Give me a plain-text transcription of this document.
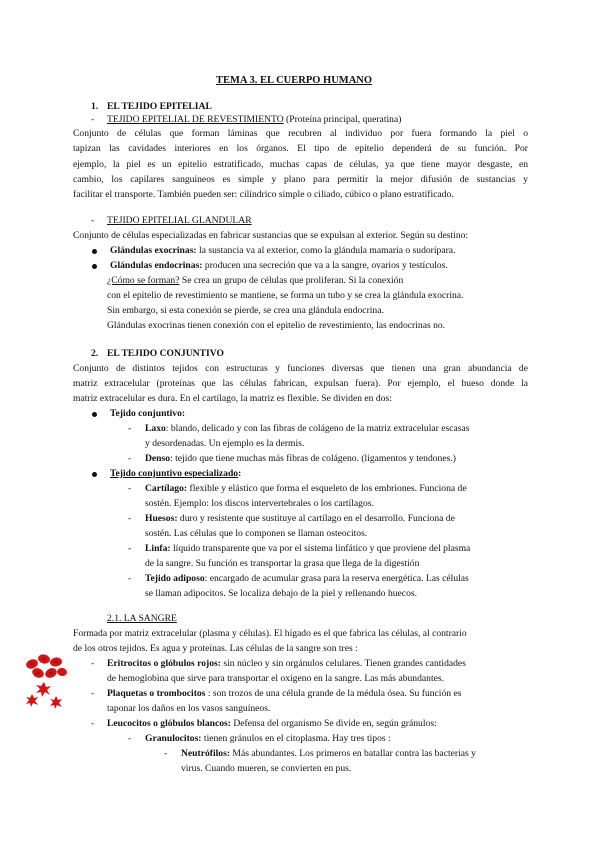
TEMA 3. EL CUERPO HUMANO
1. EL TEJIDO EPITELIAL
- TEJIDO EPITELIAL DE REVESTIMIENTO (Proteína principal, queratina)
Conjunto de células que forman láminas que recubren al individuo por fuera formando la piel o
tapizan las cavidades interiores en los órganos. El tipo de epitelio dependerá de su función. Por
ejemplo, la piel es un epitelio estratificado, muchas capas de células, ya que tiene mayor desgaste, en
cambio, los capilares sanguíneos es simple y plano para permitir la mejor difusión de sustancias y
facilitar el transporte. También pueden ser: cilíndrico simple o ciliado, cúbico o plano estratificado.
- TEJIDO EPITELIAL GLANDULAR
Conjunto de células especializadas en fabricar sustancias que se expulsan al exterior. Según su destino:
Glándulas exocrinas: la sustancia va al exterior, como la glándula mamaria o sudorípara.
Glándulas endocrinas: producen una secreción que va a la sangre, ovarios y testículos.
¿Cómo se forman? Se crea un grupo de células que proliferan. Si la conexión
con el epitelio de revestimiento se mantiene, se forma un tubo y se crea la glándula exocrina.
Sin embargo, si esta conexión se pierde, se crea una glándula endocrina.
Glándulas exocrinas tienen conexión con el epitelio de revestimiento, las endocrinas no.
2. EL TEJIDO CONJUNTIVO
Conjunto de distintos tejidos con estructuras y funciones diversas que tienen una gran abundancia de
matriz extracelular (proteínas que las células fabrican, expulsan fuera). Por ejemplo, el hueso donde la
matriz extracelular es dura. En el cartílago, la matriz es flexible. Se dividen en dos:
Tejido conjuntivo:
- Laxo: blando, delicado y con las fibras de colágeno de la matriz extracelular escasas
y desordenadas. Un ejemplo es la dermis.
- Denso: tejido que tiene muchas más fibras de colágeno. (ligamentos y tendones.)
Tejido conjuntivo especializado:
- Cartílago: flexible y elástico que forma el esqueleto de los embriones. Funciona de
sostén. Ejemplo: los discos intervertebrales o los cartílagos.
- Huesos: duro y resistente que sustituye al cartílago en el desarrollo. Funciona de
sostén. Las células que lo componen se llaman osteocitos.
- Linfa: líquido transparente que va por el sistema linfático y que proviene del plasma
de la sangre. Su función es transportar la grasa que llega de la digestión
- Tejido adiposo: encargado de acumular grasa para la reserva energética. Las células
se llaman adipocitos. Se localiza debajo de la piel y rellenando huecos.
2.1. LA SANGRE
Formada por matriz extracelular (plasma y células). El hígado es el que fabrica las células, al contrario
de los otros tejidos. Es agua y proteínas. Las células de la sangre son tres :
- Eritrocitos o glóbulos rojos: sin núcleo y sin orgánulos celulares. Tienen grandes cantidades
de hemoglobina que sirve para transportar el oxígeno en la sangre. Las más abundantes.
- Plaquetas o trombocitos : son trozos de una célula grande de la médula ósea. Su función es
taponar los daños en los vasos sanguíneos.
- Leucocitos o glóbulos blancos: Defensa del organismo Se divide en, según gránulos:
- Granulocitos: tienen gránulos en el citoplasma. Hay tres tipos :
- Neutrófilos: Más abundantes. Los primeros en batallar contra las bacterias y
virus. Cuando mueren, se convierten en pus.
